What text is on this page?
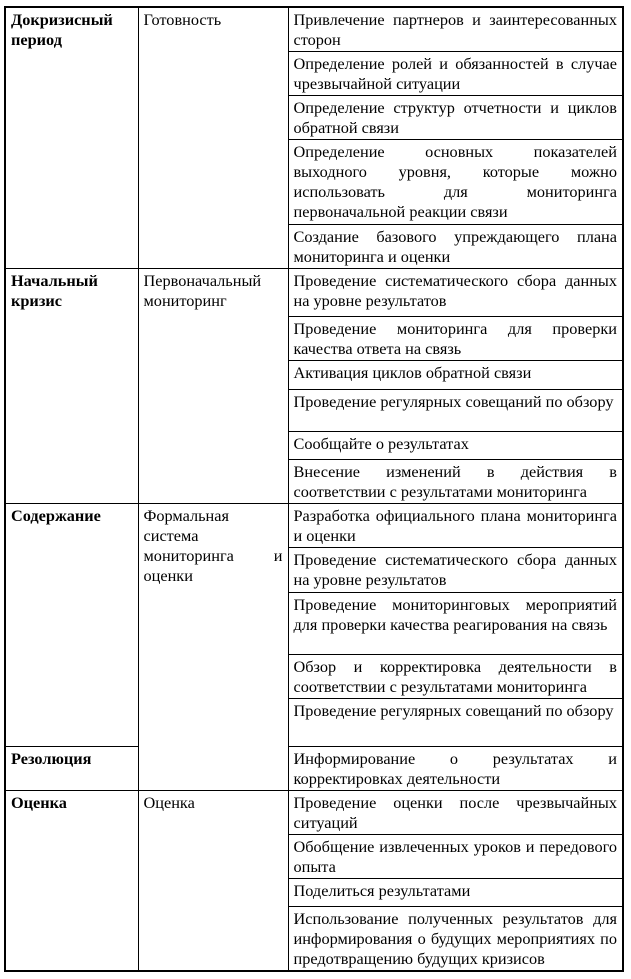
Докризисный период	Готовность	Привлечение партнеров и заинтересованных сторон
		Определение ролей и обязанностей в случае чрезвычайной ситуации
		Определение структур отчетности и циклов обратной связи
		Определение основных показателей выходного уровня, которые можно использовать для мониторинга первоначальной реакции связи
		Создание базового упреждающего плана мониторинга и оценки
Начальный кризис	Первоначальный мониторинг	Проведение систематического сбора данных на уровне результатов
		Проведение мониторинга для проверки качества ответа на связь
		Активация циклов обратной связи
		Проведение регулярных совещаний по обзору
		Сообщайте о результатах
		Внесение изменений в действия в соответствии с результатами мониторинга
Содержание	Формальная система мониторинга и оценки	Разработка официального плана мониторинга и оценки
		Проведение систематического сбора данных на уровне результатов
		Проведение мониторинговых мероприятий для проверки качества реагирования на связь
		Обзор и корректировка деятельности в соответствии с результатами мониторинга
		Проведение регулярных совещаний по обзору
Резолюция		Информирование о результатах и корректировках деятельности
Оценка	Оценка	Проведение оценки после чрезвычайных ситуаций
		Обобщение извлеченных уроков и передового опыта
		Поделиться результатами
		Использование полученных результатов для информирования о будущих мероприятиях по предотвращению будущих кризисов
